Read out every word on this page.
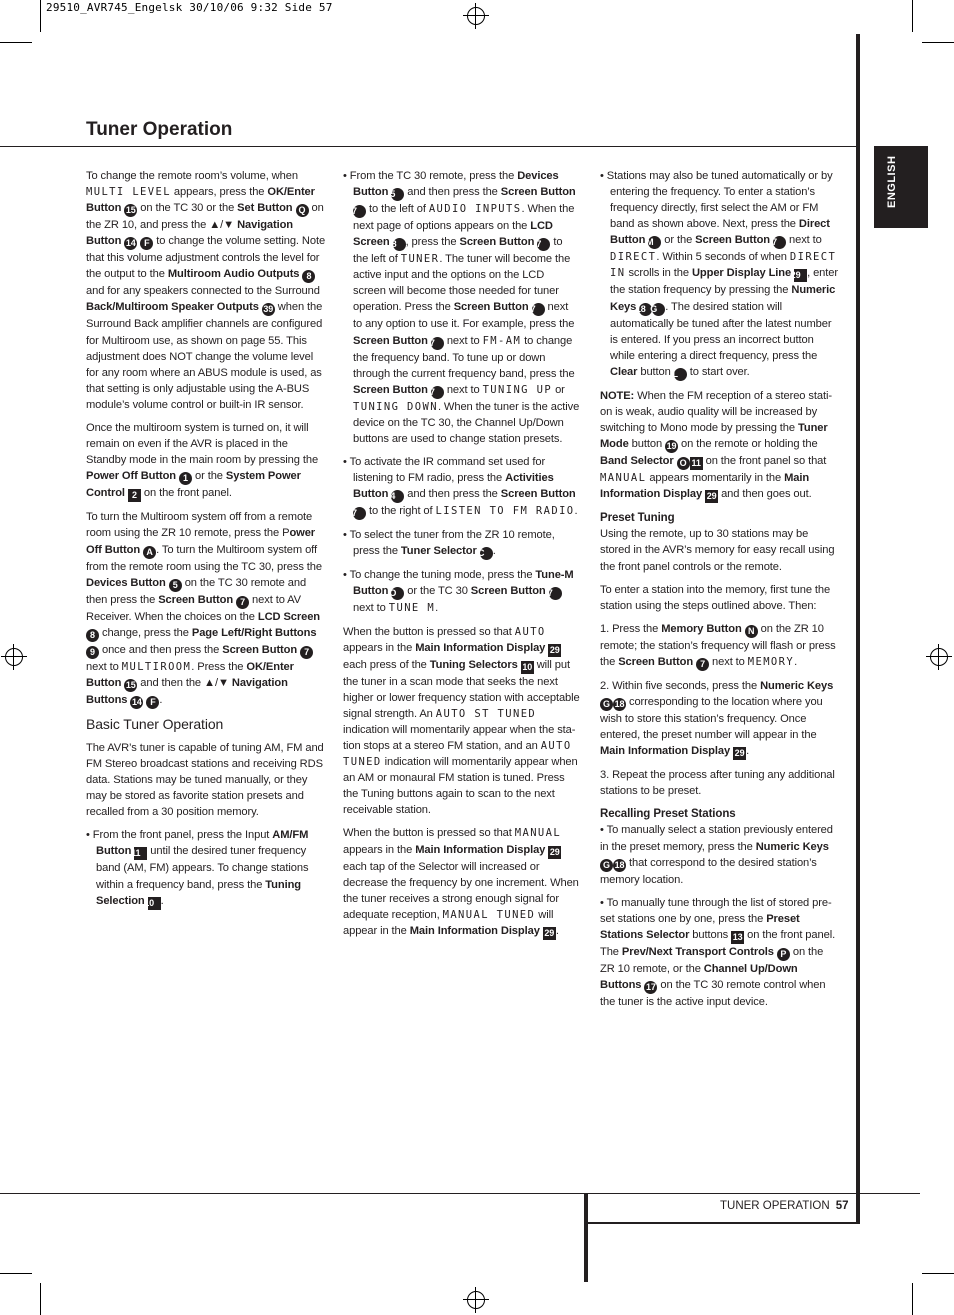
29510_AVR745_Engelsk 30/10/06 9:32 Side 57
Tuner Operation
ENGLISH

To change the remote room’s volume, when MULTI LEVEL appears, press the OK/Enter Button 15 on the TC 30 or the Set Button Q on the ZR 10, and press the ▲/▼ Navigation Button 14 F to change the volume setting. Note that this volume adjustment controls the level for the output to the Multiroom Audio Outputs 8 and for any speakers connected to the Surround Back/Multiroom Speaker Outputs 39 when the Surround Back amplifier channels are configured for Multiroom use, as shown on page 55. This adjustment does NOT change the volume level for any room where an ABUS module is used, as that setting is only adjustable using the A-BUS module’s volume control or built-in IR sensor.

Once the multiroom system is turned on, it will remain on even if the AVR is placed in the Standby mode in the main room by pressing the Power Off Button 1 or the System Power Control 2 on the front panel.

To turn the Multiroom system off from a remote room using the ZR 10 remote, press the Power Off Button A . To turn the Multiroom system off from the remote room using the TC 30, press the Devices Button 5 on the TC 30 remote and then press the Screen Button 7 next to AV Receiver. When the choices on the LCD Screen 8 change, press the Page Left/Right Buttons 9 once and then press the Screen Button 7 next to MULTIROOM. Press the OK/Enter Button 15 and then the ▲/▼ Navigation Buttons 14 F .

Basic Tuner Operation

The AVR’s tuner is capable of tuning AM, FM and FM Stereo broadcast stations and receiving RDS data. Stations may be tuned manually, or they may be stored as favorite station presets and recalled from a 30 position memory.

• From the front panel, press the Input AM/FM Button 11 until the desired tuner frequency band (AM, FM) appears. To change stations within a frequency band, press the Tuning Selection 10 .

• From the TC 30 remote, press the Devices Button 5 and then press the Screen Button 7 to the left of AUDIO INPUTS. When the next page of options appears on the LCD Screen 8 , press the Screen Button 7 to the left of TUNER. The tuner will become the active input and the options on the LCD screen will become those needed for tuner operation. Press the Screen Button 7 next to any option to use it. For example, press the Screen Button 7 next to FM-AM to change the frequency band. To tune up or down through the current frequency band, press the Screen Button 7 next to TUNING UP or TUNING DOWN. When the tuner is the active device on the TC 30, the Channel Up/Down buttons are used to change station presets.

• To activate the IR command set used for listening to FM radio, press the Activities Button 4 and then press the Screen Button 7 to the right of LISTEN TO FM RADIO.

• To select the tuner from the ZR 10 remote, press the Tuner Selector C .

• To change the tuning mode, press the Tune-M Button O or the TC 30 Screen Button 7 next to TUNE M.

When the button is pressed so that AUTO appears in the Main Information Display 29 each press of the Tuning Selectors 10 will put the tuner in a scan mode that seeks the next higher or lower frequency station with acceptable signal strength. An AUTO ST TUNED indication will momentarily appear when the station stops at a stereo FM station, and an AUTO TUNED indication will momentarily appear when an AM or monaural FM station is tuned. Press the Tuning buttons again to scan to the next receivable station.

When the button is pressed so that MANUAL appears in the Main Information Display 29 each tap of the Selector will increased or decrease the frequency by one increment. When the tuner receives a strong enough signal for adequate reception, MANUAL TUNED will appear in the Main Information Display 29 .

• Stations may also be tuned automatically or by entering the frequency. To enter a station’s frequency directly, first select the AM or FM band as shown above. Next, press the Direct Button M or the Screen Button 7 next to DIRECT. Within 5 seconds of when DIRECT IN scrolls in the Upper Display Line 29 , enter the station frequency by pressing the Numeric Keys 18 G . The desired station will automatically be tuned after the latest number is entered. If you press an incorrect button while entering a direct frequency, press the Clear button L to start over.

NOTE: When the FM reception of a stereo station is weak, audio quality will be increased by switching to Mono mode by pressing the Tuner Mode button 19 on the remote or holding the Band Selector O 11 on the front panel so that MANUAL appears momentarily in the Main Information Display 29 and then goes out.

Preset Tuning

Using the remote, up to 30 stations may be stored in the AVR’s memory for easy recall using the front panel controls or the remote.

To enter a station into the memory, first tune the station using the steps outlined above. Then:

1. Press the Memory Button N on the ZR 10 remote; the station’s frequency will flash or press the Screen Button 7 next to MEMORY.

2. Within five seconds, press the Numeric Keys G 18 corresponding to the location where you wish to store this station’s frequency. Once entered, the preset number will appear in the Main Information Display 29 .

3. Repeat the process after tuning any additional stations to be preset.

Recalling Preset Stations

• To manually select a station previously entered in the preset memory, press the Numeric Keys G 18 that correspond to the desired station’s memory location.

• To manually tune through the list of stored preset stations one by one, press the Preset Stations Selector buttons 13 on the front panel. The Prev/Next Transport Controls P on the ZR 10 remote, or the Channel Up/Down Buttons 17 on the TC 30 remote control when the tuner is the active input device.

TUNER OPERATION 57
